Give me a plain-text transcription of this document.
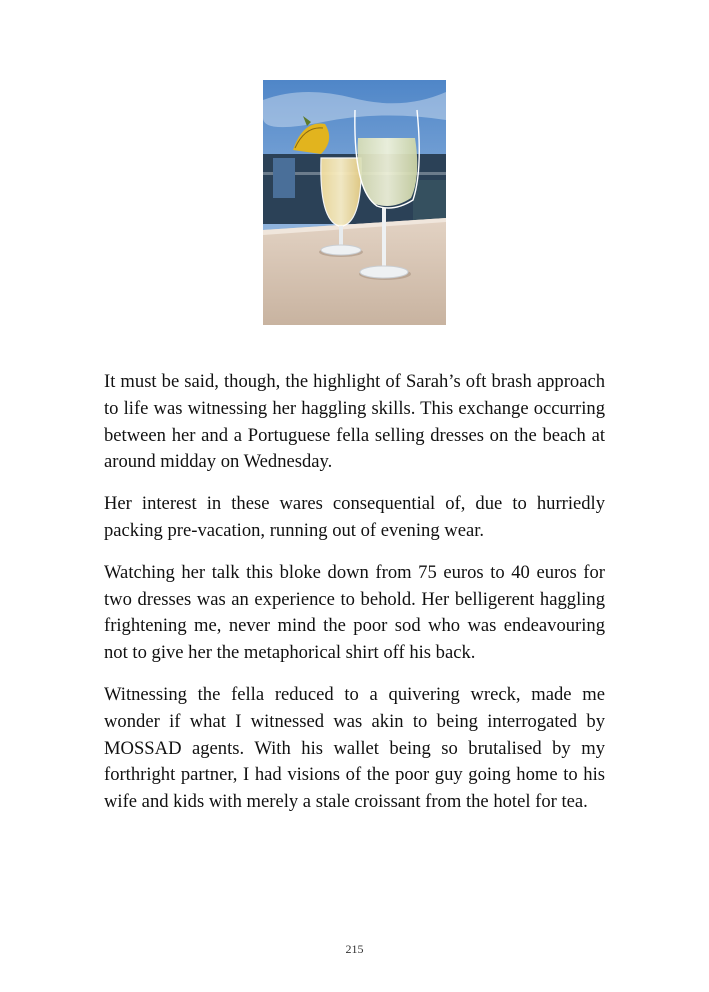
It must be said, though, the highlight of Sarah’s oft brash approach to life was witnessing her haggling skills. This exchange occurring between her and a Portuguese fella selling dresses on the beach at around midday on Wednesday.

Her interest in these wares consequential of, due to hurriedly packing pre-vacation, running out of evening wear.

Watching her talk this bloke down from 75 euros to 40 euros for two dresses was an experience to behold. Her belligerent haggling frightening me, never mind the poor sod who was endeavouring not to give her the metaphorical shirt off his back.

Witnessing the fella reduced to a quivering wreck, made me wonder if what I witnessed was akin to being interrogated by MOSSAD agents. With his wallet being so brutalised by my forthright partner, I had visions of the poor guy going home to his wife and kids with merely a stale croissant from the hotel for tea.

215
